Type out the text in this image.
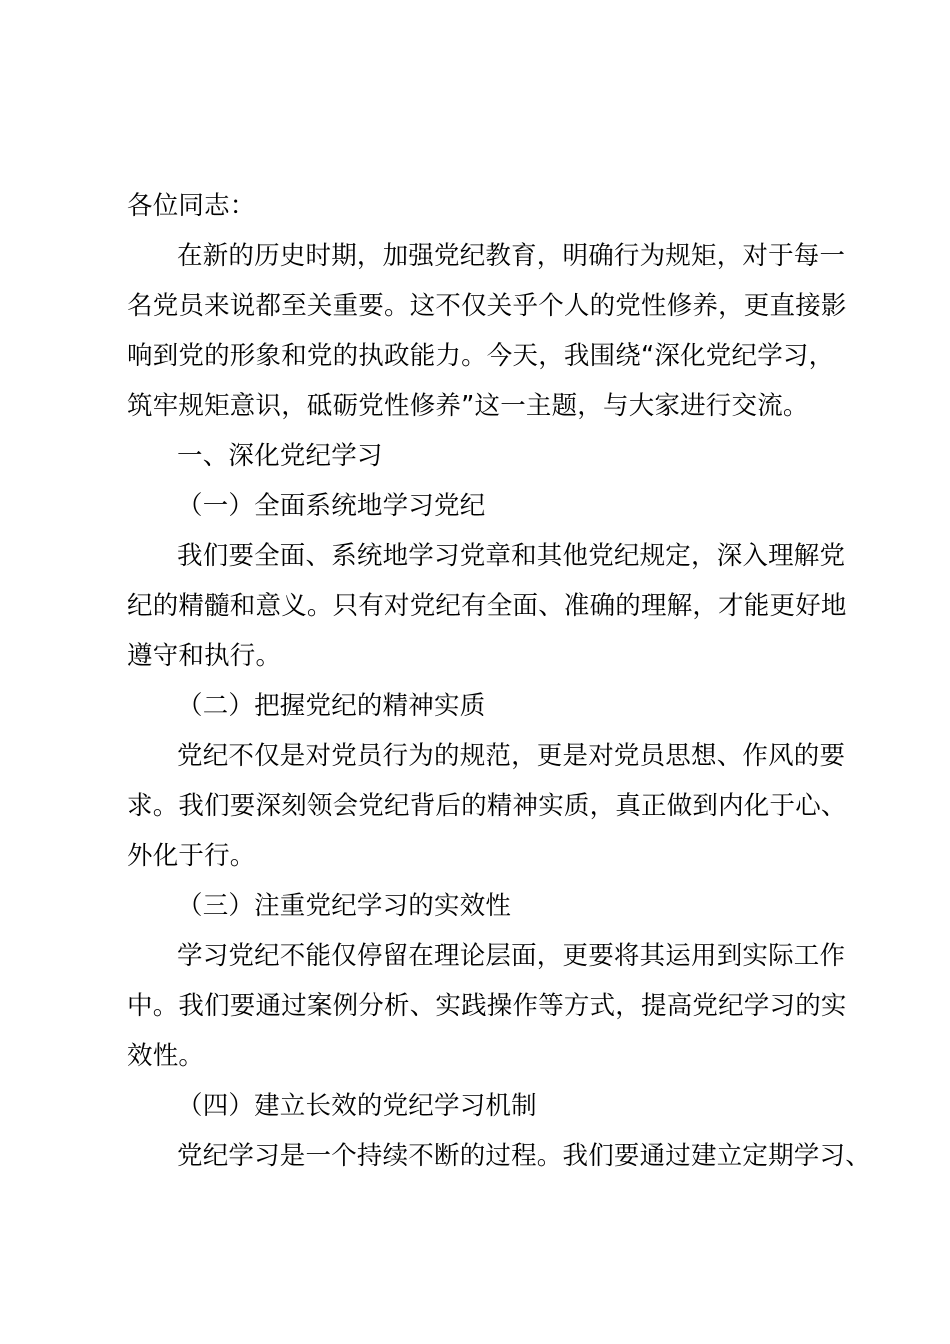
各位同志：
在新的历史时期，加强党纪教育，明确行为规矩，对于每一
名党员来说都至关重要。这不仅关乎个人的党性修养，更直接影
响到党的形象和党的执政能力。今天，我围绕“深化党纪学习，
筑牢规矩意识，砥砺党性修养”这一主题，与大家进行交流。
一、深化党纪学习
（一）全面系统地学习党纪
我们要全面、系统地学习党章和其他党纪规定，深入理解党
纪的精髓和意义。只有对党纪有全面、准确的理解，才能更好地
遵守和执行。
（二）把握党纪的精神实质
党纪不仅是对党员行为的规范，更是对党员思想、作风的要
求。我们要深刻领会党纪背后的精神实质，真正做到内化于心、
外化于行。
（三）注重党纪学习的实效性
学习党纪不能仅停留在理论层面，更要将其运用到实际工作
中。我们要通过案例分析、实践操作等方式，提高党纪学习的实
效性。
（四）建立长效的党纪学习机制
党纪学习是一个持续不断的过程。我们要通过建立定期学习、
